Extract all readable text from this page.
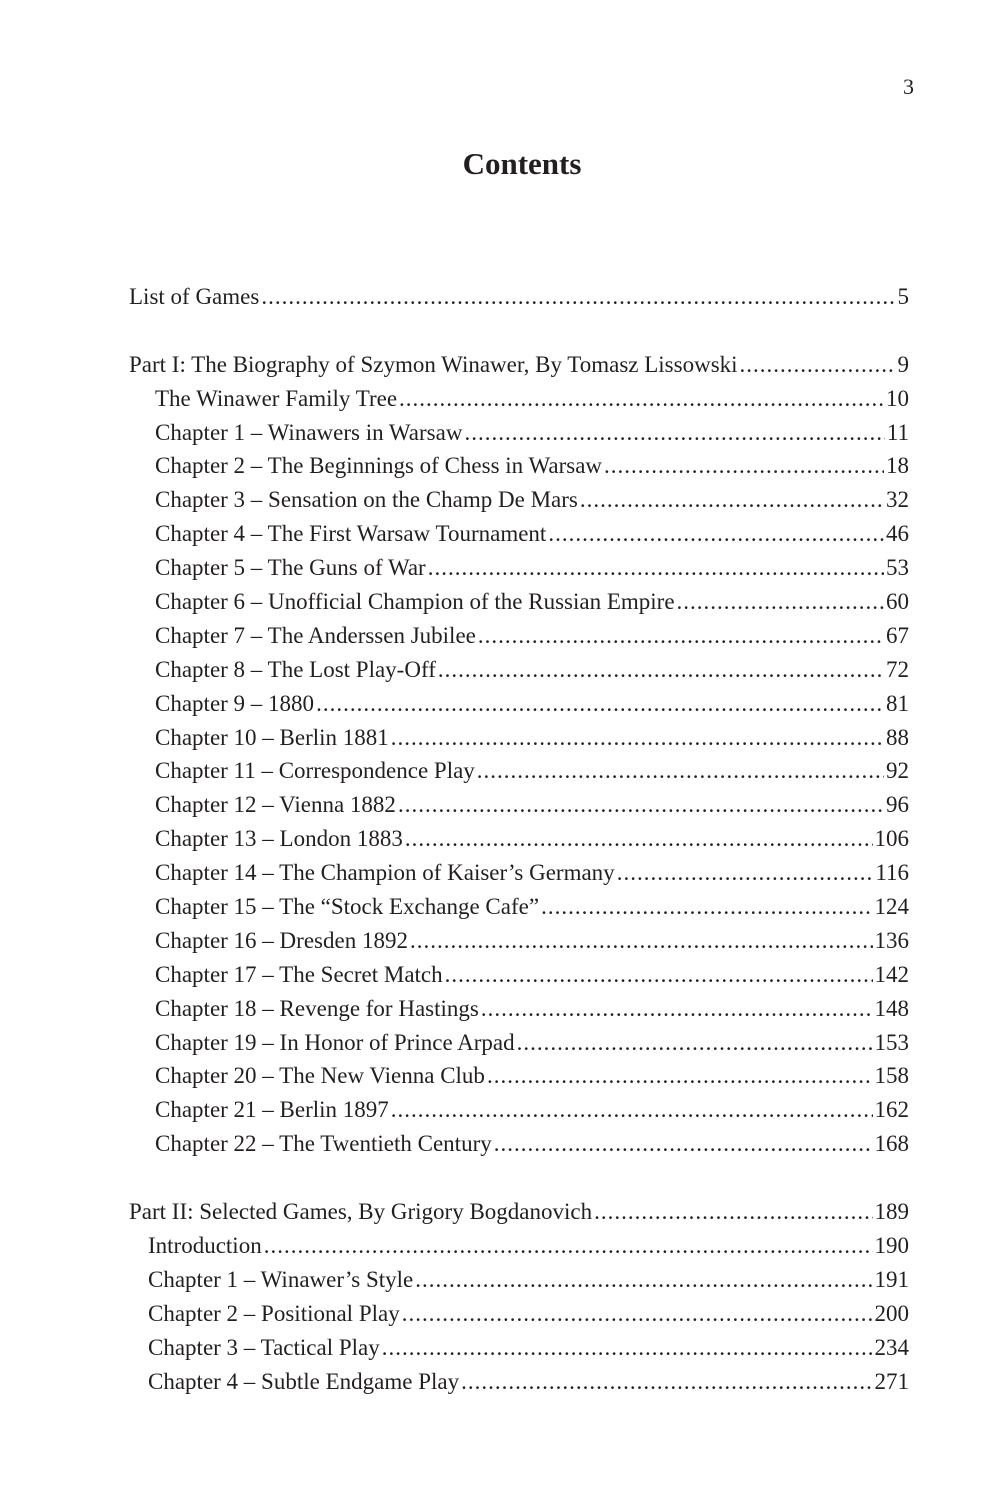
3
Contents
List of Games .....	5
Part I: The Biography of Szymon Winawer, By Tomasz Lissowski .....	9
The Winawer Family Tree .....	10
Chapter 1 – Winawers in Warsaw .....	11
Chapter 2 – The Beginnings of Chess in Warsaw .....	18
Chapter 3 – Sensation on the Champ De Mars .....	32
Chapter 4 – The First Warsaw Tournament .....	46
Chapter 5 – The Guns of War .....	53
Chapter 6 – Unofficial Champion of the Russian Empire .....	60
Chapter 7 – The Anderssen Jubilee .....	67
Chapter 8 – The Lost Play-Off .....	72
Chapter 9 – 1880 .....	81
Chapter 10 – Berlin 1881 .....	88
Chapter 11 – Correspondence Play .....	92
Chapter 12 – Vienna 1882 .....	96
Chapter 13 – London 1883 .....	106
Chapter 14 – The Champion of Kaiser’s Germany .....	116
Chapter 15 – The “Stock Exchange Cafe” .....	124
Chapter 16 – Dresden 1892 .....	136
Chapter 17 – The Secret Match .....	142
Chapter 18 – Revenge for Hastings .....	148
Chapter 19 – In Honor of Prince Arpad .....	153
Chapter 20 – The New Vienna Club .....	158
Chapter 21 – Berlin 1897 .....	162
Chapter 22 – The Twentieth Century .....	168
Part II: Selected Games, By Grigory Bogdanovich .....	189
Introduction .....	190
Chapter 1 – Winawer’s Style .....	191
Chapter 2 – Positional Play .....	200
Chapter 3 – Tactical Play .....	234
Chapter 4 – Subtle Endgame Play .....	271
